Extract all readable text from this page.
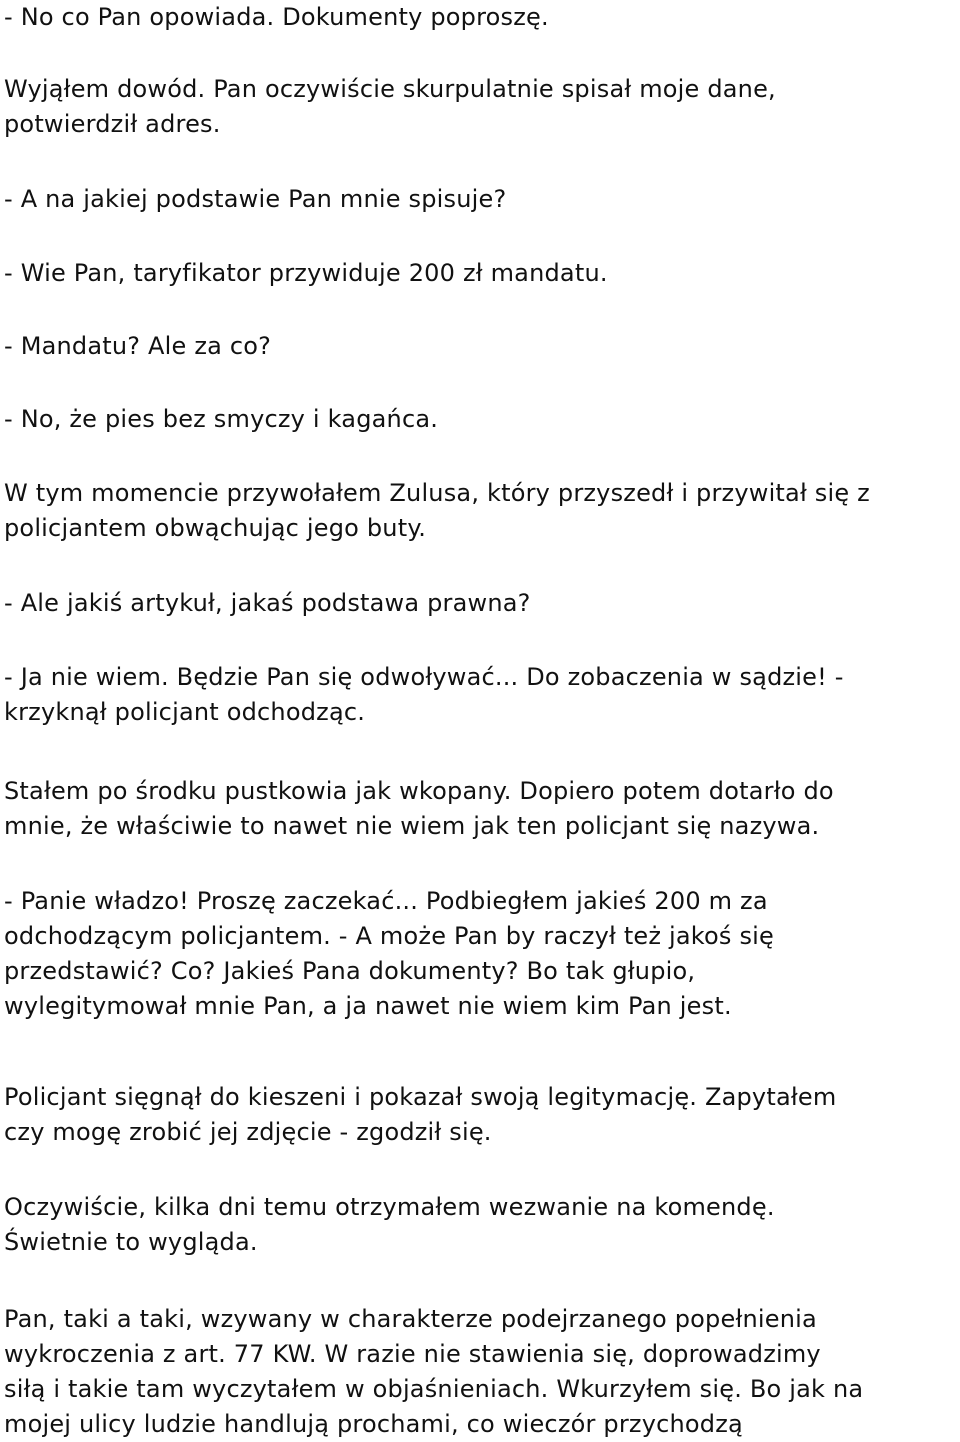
- No co Pan opowiada. Dokumenty poproszę.

Wyjąłem dowód. Pan oczywiście skurpulatnie spisał moje dane,
potwierdził adres.

- A na jakiej podstawie Pan mnie spisuje?

- Wie Pan, taryfikator przywiduje 200 zł mandatu.

- Mandatu? Ale za co?

- No, że pies bez smyczy i kagańca.

W tym momencie przywołałem Zulusa, który przyszedł i przywitał się z
policjantem obwąchując jego buty.

- Ale jakiś artykuł, jakaś podstawa prawna?

- Ja nie wiem. Będzie Pan się odwoływać... Do zobaczenia w sądzie! -
krzyknął policjant odchodząc.

Stałem po środku pustkowia jak wkopany. Dopiero potem dotarło do
mnie, że właściwie to nawet nie wiem jak ten policjant się nazywa.

- Panie władzo! Proszę zaczekać... Podbiegłem jakieś 200 m za
odchodzącym policjantem. - A może Pan by raczył też jakoś się
przedstawić? Co? Jakieś Pana dokumenty? Bo tak głupio,
wylegitymował mnie Pan, a ja nawet nie wiem kim Pan jest.

Policjant sięgnął do kieszeni i pokazał swoją legitymację. Zapytałem
czy mogę zrobić jej zdjęcie - zgodził się.

Oczywiście, kilka dni temu otrzymałem wezwanie na komendę.
Świetnie to wygląda.

Pan, taki a taki, wzywany w charakterze podejrzanego popełnienia
wykroczenia z art. 77 KW. W razie nie stawienia się, doprowadzimy
siłą i takie tam wyczytałem w objaśnieniach. Wkurzyłem się. Bo jak na
mojej ulicy ludzie handlują prochami, co wieczór przychodzą
